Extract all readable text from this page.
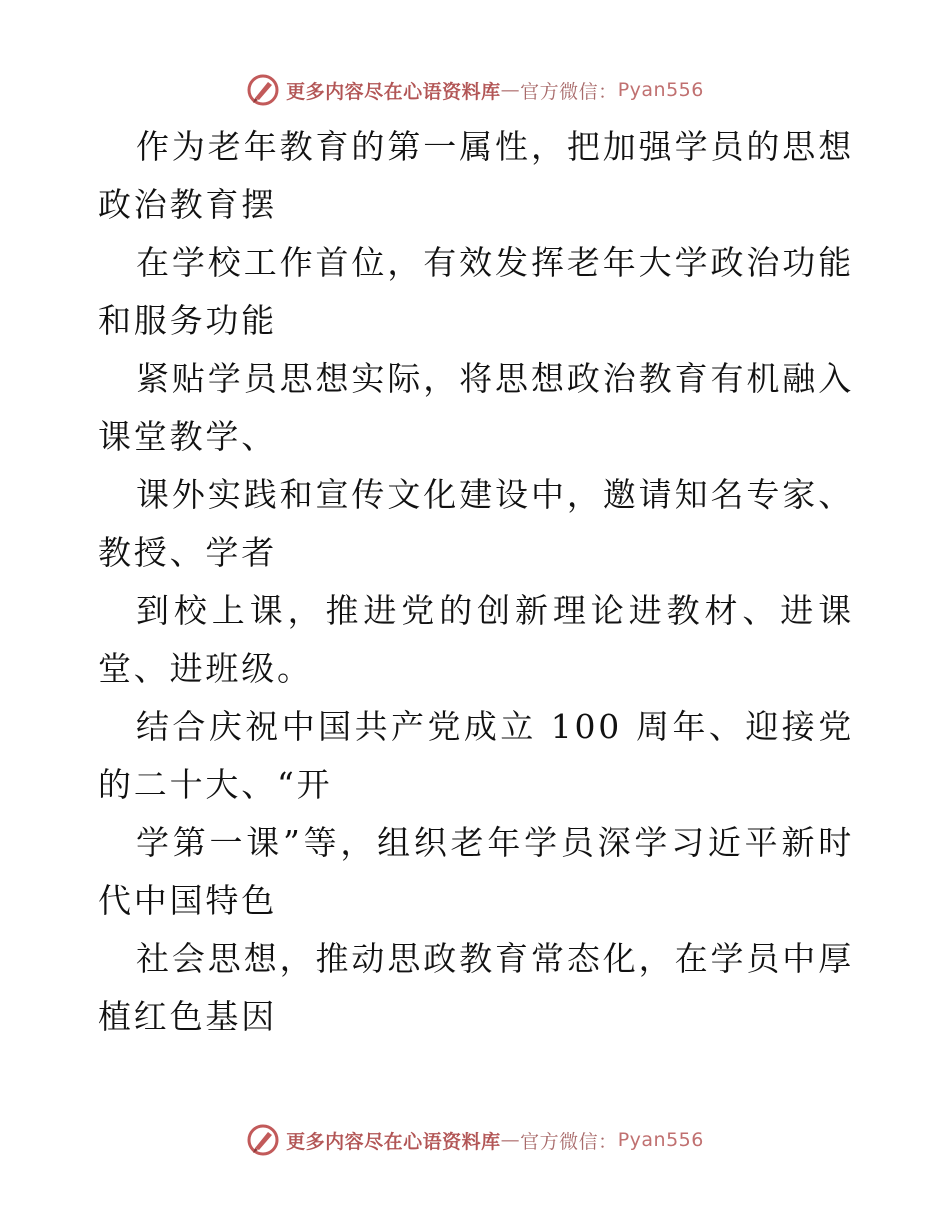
更多内容尽在心语资料库 — 官方微信： Pyan556

作为老年教育的第一属性，把加强学员的思想政治教育摆

在学校工作首位，有效发挥老年大学政治功能和服务功能

紧贴学员思想实际，将思想政治教育有机融入课堂教学、

课外实践和宣传文化建设中，邀请知名专家、教授、学者

到校上课，推进党的创新理论进教材、进课堂、进班级。

结合庆祝中国共产党成立 100 周年、迎接党的二十大、“开

学第一课”等，组织老年学员深学习近平新时代中国特色

社会思想，推动思政教育常态化，在学员中厚植红色基因

更多内容尽在心语资料库 — 官方微信： Pyan556
